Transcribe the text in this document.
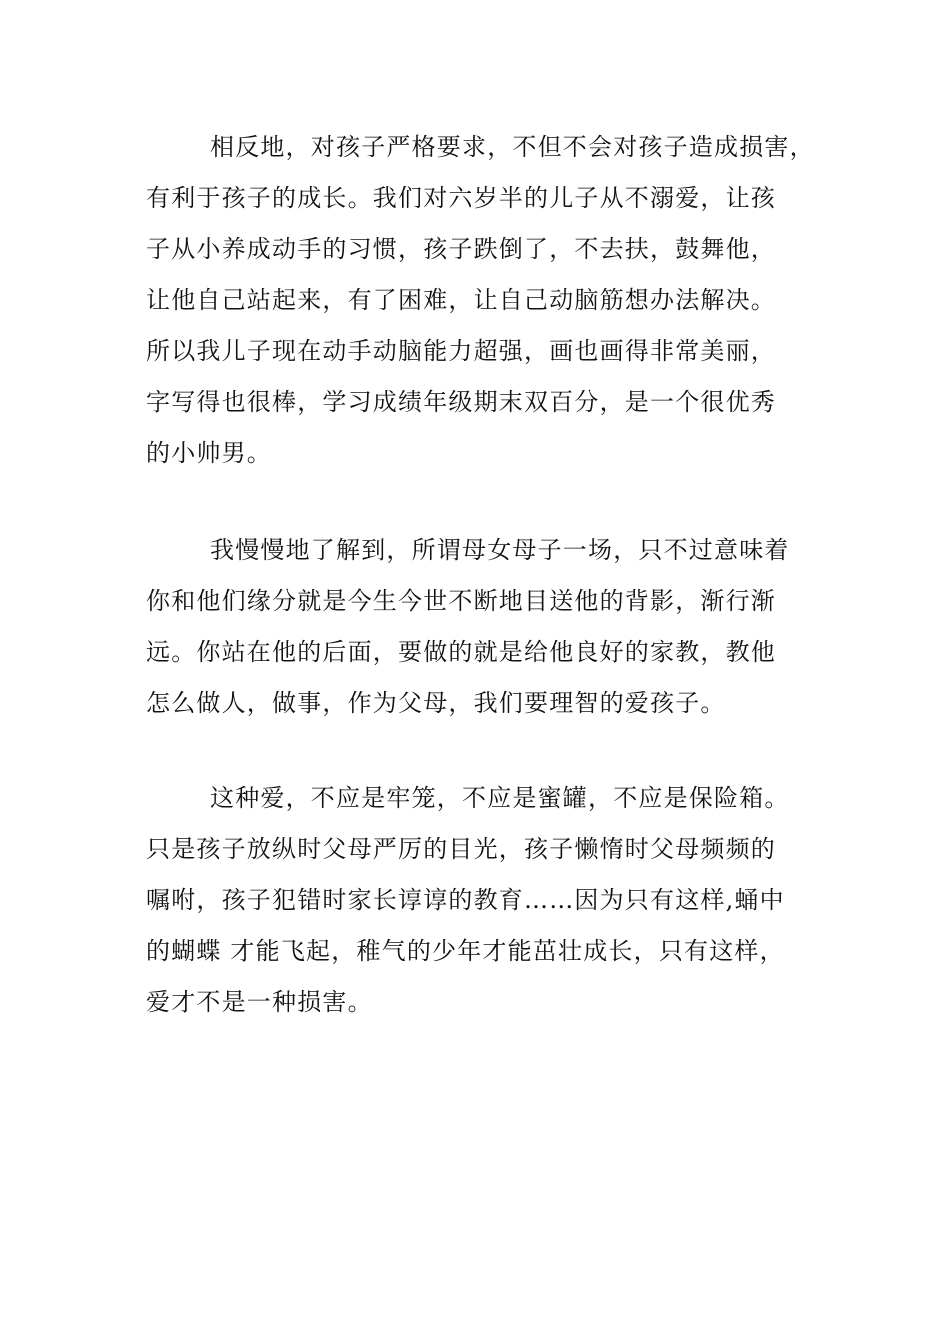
相反地，对孩子严格要求，不但不会对孩子造成损害，
有利于孩子的成长。我们对六岁半的儿子从不溺爱，让孩
子从小养成动手的习惯，孩子跌倒了，不去扶，鼓舞他，
让他自己站起来，有了困难，让自己动脑筋想办法解决。
所以我儿子现在动手动脑能力超强，画也画得非常美丽，
字写得也很棒，学习成绩年级期末双百分，是一个很优秀
的小帅男。
我慢慢地了解到，所谓母女母子一场，只不过意味着
你和他们缘分就是今生今世不断地目送他的背影，渐行渐
远。你站在他的后面，要做的就是给他良好的家教，教他
怎么做人，做事，作为父母，我们要理智的爱孩子。
这种爱，不应是牢笼，不应是蜜罐，不应是保险箱。
只是孩子放纵时父母严厉的目光，孩子懒惰时父母频频的
嘱咐，孩子犯错时家长谆谆的教育……因为只有这样,蛹中
的蝴蝶 才能飞起，稚气的少年才能茁壮成长，只有这样，
爱才不是一种损害。
